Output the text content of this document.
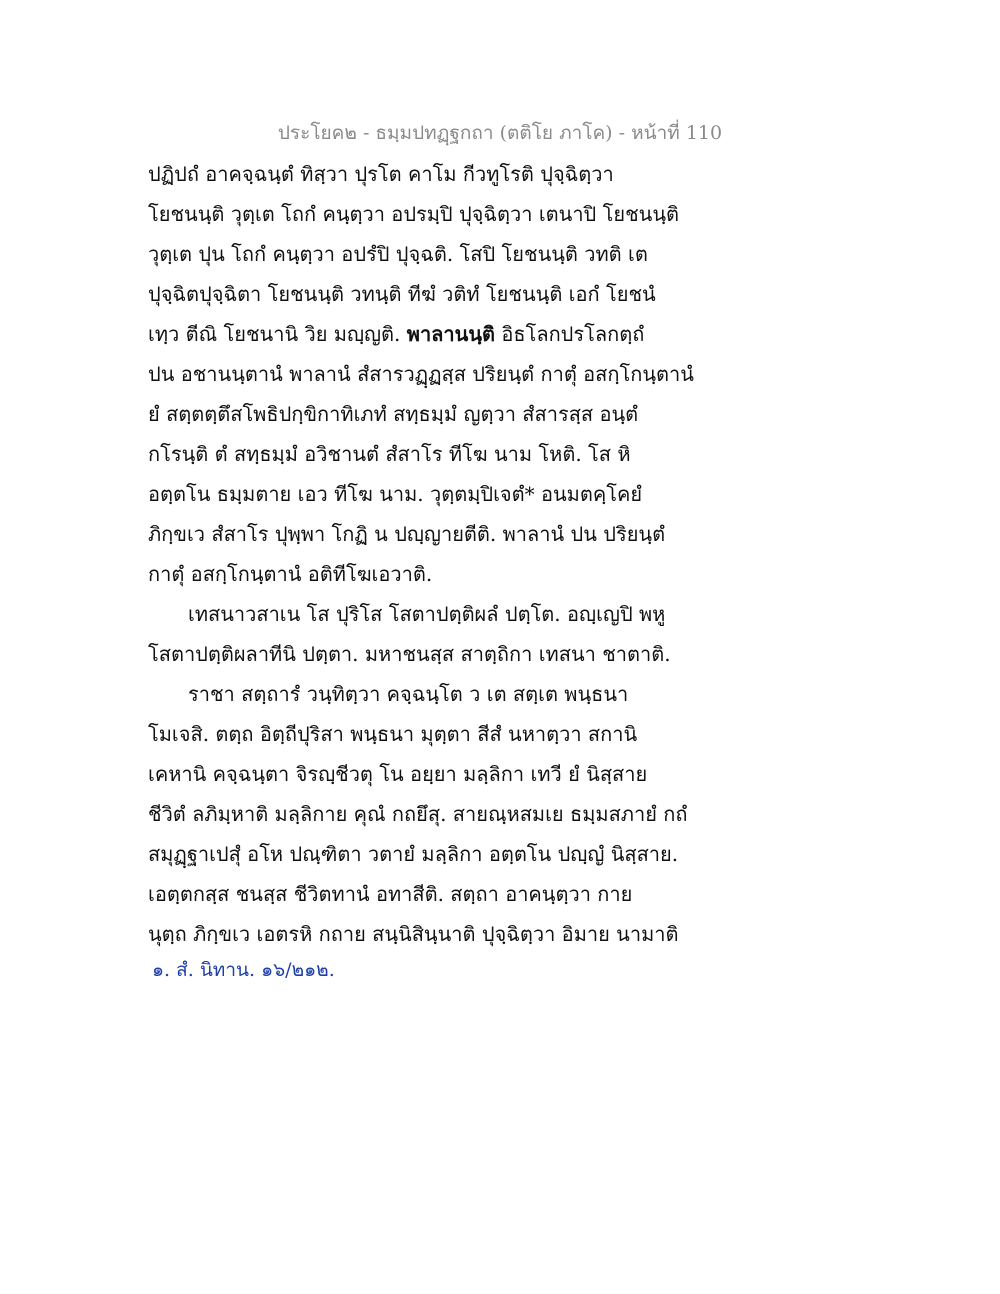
ประโยค๒ - ธมฺมปทฏฺฐกถา (ตติโย ภาโค) - หน้าที่ 110
ปฏิปถํ อาคจฺฉนฺตํ ทิสฺวา ปุรโต คาโม กีวทูโรติ ปุจฺฉิตฺวา
โยชนนฺติ วุตฺเต โถกํ คนฺตฺวา อปรมฺปิ ปุจฺฉิตฺวา เตนาปิ โยชนนฺติ
วุตฺเต ปุน โถกํ คนฺตฺวา อปรํปิ ปุจฺฉติ. โสปิ โยชนนฺติ วทติ เต
ปุจฺฉิตปุจฺฉิตา โยชนนฺติ วทนฺติ ทีฆํ วติทํ โยชนนฺติ เอกํ โยชนํ
เทฺว ตีณิ โยชนานิ วิย มญฺญติ. พาลานนฺติ อิธโลกปรโลกตฺถํ
ปน อชานนฺตานํ พาลานํ สํสารวฏฺฏสฺส ปริยนฺตํ กาตุํ อสกฺโกนฺตานํ
ยํ สตฺตตฺตึสโพธิปกฺขิกาทิเภทํ สทฺธมฺมํ ญตฺวา สํสารสฺส อนฺตํ
กโรนฺติ ตํ สทฺธมฺมํ อวิชานตํ สํสาโร ทีโฆ นาม โหติ. โส หิ
อตฺตโน ธมฺมตาย เอว ทีโฆ นาม. วุตฺตมฺปิเจตํ* อนมตคฺโคยํ
ภิกฺขเว สํสาโร ปุพฺพา โกฏิ น ปญฺญายตีติ. พาลานํ ปน ปริยนฺตํ
กาตุํ อสกฺโกนฺตานํ อติทีโฆเอวาติ.
เทสนาวสาเน โส ปุริโส โสตาปตฺติผลํ ปตฺโต. อญฺเญปิ พหู
โสตาปตฺติผลาทีนิ ปตฺตา. มหาชนสฺส สาตฺถิกา เทสนา ชาตาติ.
ราชา สตฺถารํ วนฺทิตฺวา คจฺฉนฺโต ว เต สตฺเต พนฺธนา
โมเจสิ. ตตฺถ อิตฺถีปุริสา พนฺธนา มุตฺตา สีสํ นหาตฺวา สกานิ
เคหานิ คจฺฉนฺตา จิรญฺชีวตุ โน อยฺยา มลฺลิกา เทวี ยํ นิสฺสาย
ชีวิตํ ลภิมฺหาติ มลฺลิกาย คุณํ กถยึสุ. สายณฺหสมเย ธมฺมสภายํ กถํ
สมุฏฺฐาเปสุํ อโห ปณฺฑิตา วตายํ มลฺลิกา อตฺตโน ปญฺญํ นิสฺสาย.
เอตฺตกสฺส ชนสฺส ชีวิตทานํ อทาสีติ. สตฺถา อาคนฺตฺวา กาย
นุตฺถ ภิกฺขเว เอตรหิ กถาย สนฺนิสินฺนาติ ปุจฺฉิตฺวา อิมาย นามาติ
๑. สํ. นิทาน. ๑๖/๒๑๒.
